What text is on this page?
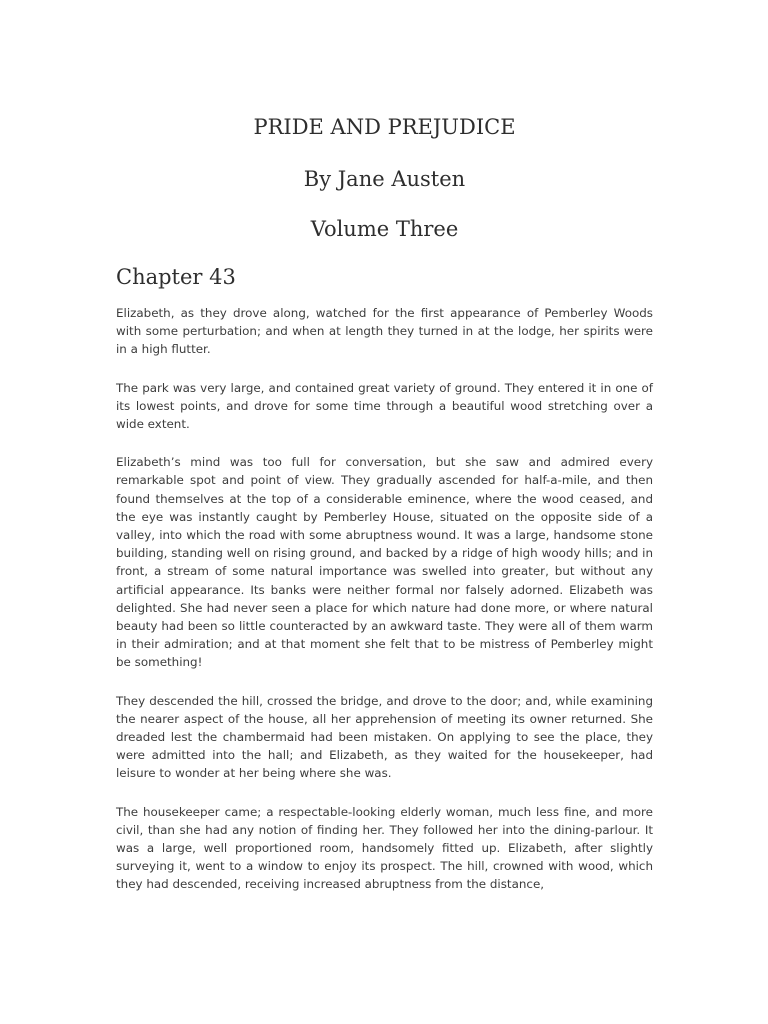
PRIDE AND PREJUDICE
By Jane Austen
Volume Three
Chapter 43

Elizabeth, as they drove along, watched for the first appearance of Pemberley Woods with some perturbation; and when at length they turned in at the lodge, her spirits were in a high flutter.

The park was very large, and contained great variety of ground. They entered it in one of its lowest points, and drove for some time through a beautiful wood stretching over a wide extent.

Elizabeth’s mind was too full for conversation, but she saw and admired every remarkable spot and point of view. They gradually ascended for half-a-mile, and then found themselves at the top of a considerable eminence, where the wood ceased, and the eye was instantly caught by Pemberley House, situated on the opposite side of a valley, into which the road with some abruptness wound. It was a large, handsome stone building, standing well on rising ground, and backed by a ridge of high woody hills; and in front, a stream of some natural importance was swelled into greater, but without any artificial appearance. Its banks were neither formal nor falsely adorned. Elizabeth was delighted. She had never seen a place for which nature had done more, or where natural beauty had been so little counteracted by an awkward taste. They were all of them warm in their admiration; and at that moment she felt that to be mistress of Pemberley might be something!

They descended the hill, crossed the bridge, and drove to the door; and, while examining the nearer aspect of the house, all her apprehension of meeting its owner returned. She dreaded lest the chambermaid had been mistaken. On applying to see the place, they were admitted into the hall; and Elizabeth, as they waited for the housekeeper, had leisure to wonder at her being where she was.

The housekeeper came; a respectable-looking elderly woman, much less fine, and more civil, than she had any notion of finding her. They followed her into the dining-parlour. It was a large, well proportioned room, handsomely fitted up. Elizabeth, after slightly surveying it, went to a window to enjoy its prospect. The hill, crowned with wood, which they had descended, receiving increased abruptness from the distance,
